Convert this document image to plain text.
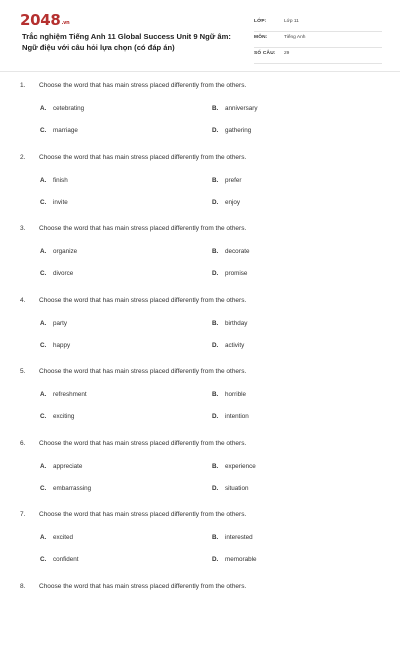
2048.vn
Trắc nghiệm Tiếng Anh 11 Global Success Unit 9 Ngữ âm:
Ngữ điệu với câu hỏi lựa chọn (có đáp án)
LỚP:	Lớp 11
MÔN:	Tiếng Anh
SỐ CÂU: 29
1. Choose the word that has main stress placed differently from the others.
A. cetebrating	B. anniversary
C. marriage	D. gathering
2. Choose the word that has main stress placed differently from the others.
A. finish	B. prefer
C. invite	D. enjoy
3. Choose the word that has main stress placed differently from the others.
A. organize	B. decorate
C. divorce	D. promise
4. Choose the word that has main stress placed differently from the others.
A. party	B. birthday
C. happy	D. activity
5. Choose the word that has main stress placed differently from the others.
A. refreshment	B. horrible
C. exciting	D. intention
6. Choose the word that has main stress placed differently from the others.
A. appreciate	B. experience
C. embarrassing	D. situation
7. Choose the word that has main stress placed differently from the others.
A. excited	B. interested
C. confident	D. memorable
8. Choose the word that has main stress placed differently from the others.
